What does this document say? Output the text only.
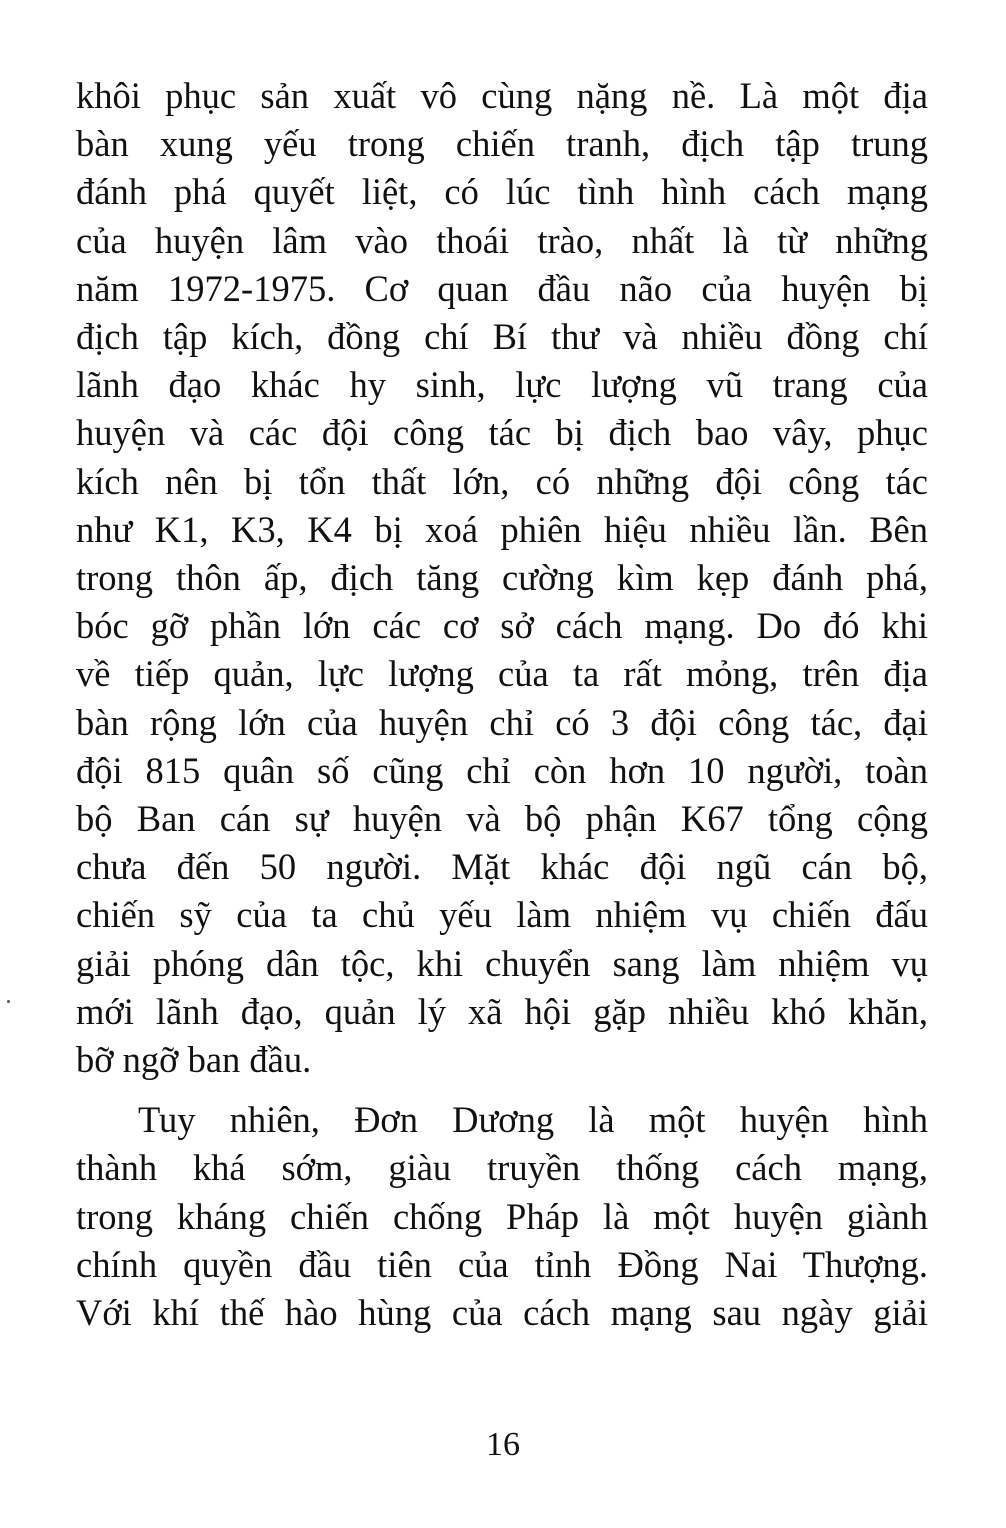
khôi phục sản xuất vô cùng nặng nề. Là một địa
bàn xung yếu trong chiến tranh, địch tập trung
đánh phá quyết liệt, có lúc tình hình cách mạng
của huyện lâm vào thoái trào, nhất là từ những
năm 1972-1975. Cơ quan đầu não của huyện bị
địch tập kích, đồng chí Bí thư và nhiều đồng chí
lãnh đạo khác hy sinh, lực lượng vũ trang của
huyện và các đội công tác bị địch bao vây, phục
kích nên bị tổn thất lớn, có những đội công tác
như K1, K3, K4 bị xoá phiên hiệu nhiều lần. Bên
trong thôn ấp, địch tăng cường kìm kẹp đánh phá,
bóc gỡ phần lớn các cơ sở cách mạng. Do đó khi
về tiếp quản, lực lượng của ta rất mỏng, trên địa
bàn rộng lớn của huyện chỉ có 3 đội công tác, đại
đội 815 quân số cũng chỉ còn hơn 10 người, toàn
bộ Ban cán sự huyện và bộ phận K67 tổng cộng
chưa đến 50 người. Mặt khác đội ngũ cán bộ,
chiến sỹ của ta chủ yếu làm nhiệm vụ chiến đấu
giải phóng dân tộc, khi chuyển sang làm nhiệm vụ
mới lãnh đạo, quản lý xã hội gặp nhiều khó khăn,
bỡ ngỡ ban đầu.
Tuy nhiên, Đơn Dương là một huyện hình
thành khá sớm, giàu truyền thống cách mạng,
trong kháng chiến chống Pháp là một huyện giành
chính quyền đầu tiên của tỉnh Đồng Nai Thượng.
Với khí thế hào hùng của cách mạng sau ngày giải
16
